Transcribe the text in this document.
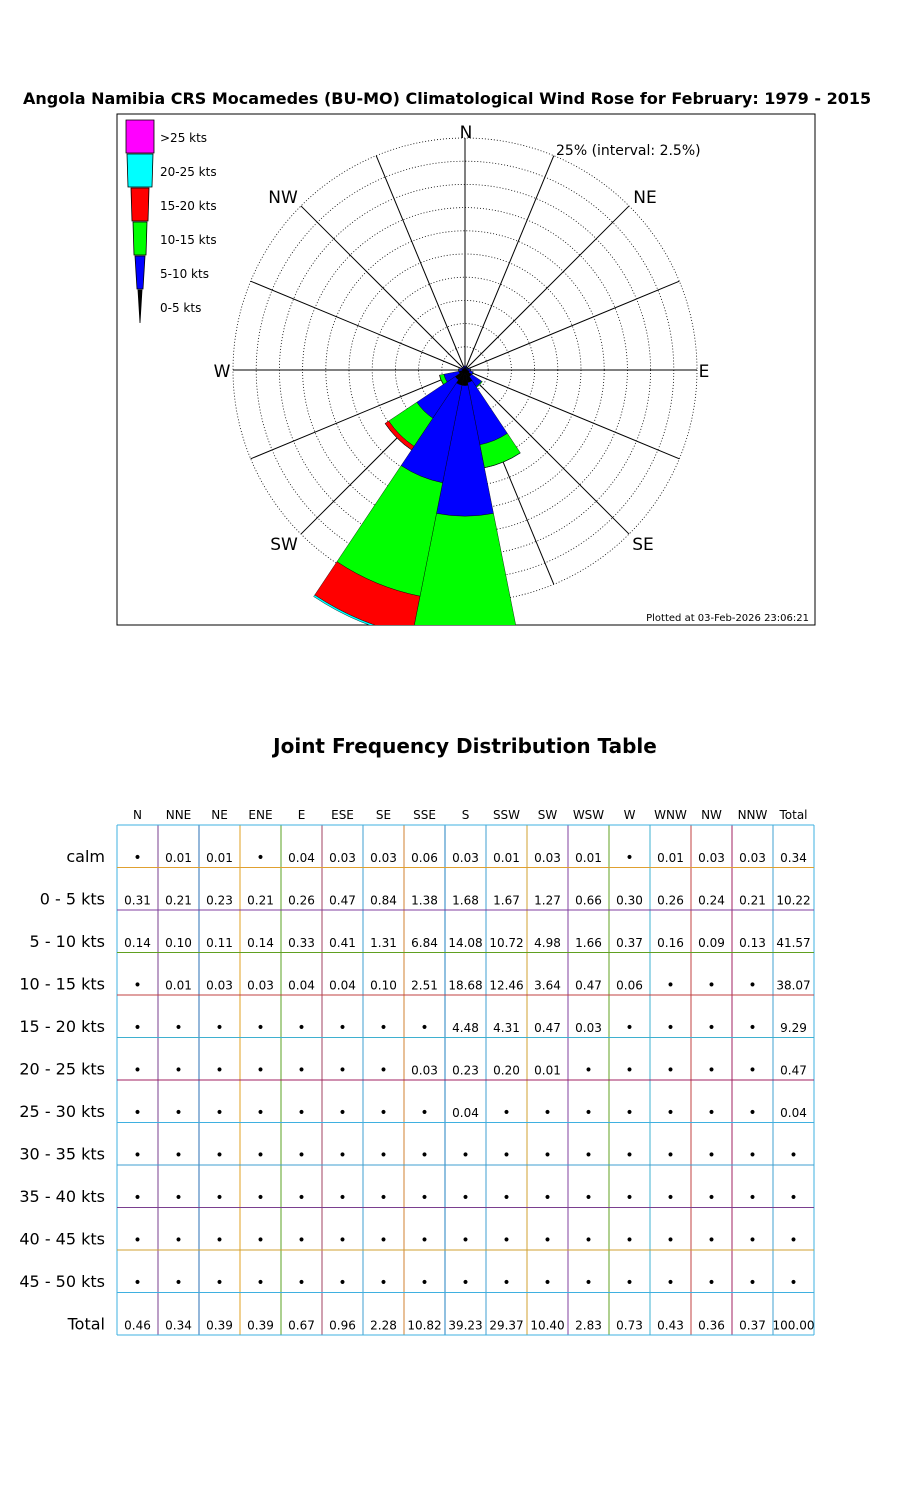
Angola Namibia CRS Mocamedes (BU-MO) Climatological Wind Rose for February: 1979 - 2015
N
NE
E
SE
SW
W
NW
25% (interval: 2.5%)
Plotted at 03-Feb-2026 23:06:21
>25 kts
20-25 kts
15-20 kts
10-15 kts
5-10 kts
0-5 kts
Joint Frequency Distribution Table
N NNE NE ENE E ESE SE SSE S SSW SW WSW W WNW NW NNW Total
calm • 0.01 0.01 • 0.04 0.03 0.03 0.06 0.03 0.01 0.03 0.01 • 0.01 0.03 0.03 0.34
0 - 5 kts 0.31 0.21 0.23 0.21 0.26 0.47 0.84 1.38 1.68 1.67 1.27 0.66 0.30 0.26 0.24 0.21 10.22
5 - 10 kts 0.14 0.10 0.11 0.14 0.33 0.41 1.31 6.84 14.08 10.72 4.98 1.66 0.37 0.16 0.09 0.13 41.57
10 - 15 kts • 0.01 0.03 0.03 0.04 0.04 0.10 2.51 18.68 12.46 3.64 0.47 0.06 • • • 38.07
15 - 20 kts • • • • • • • • 4.48 4.31 0.47 0.03 • • • • 9.29
20 - 25 kts • • • • • • • 0.03 0.23 0.20 0.01 • • • • • 0.47
25 - 30 kts • • • • • • • • 0.04 • • • • • • • 0.04
30 - 35 kts • • • • • • • • • • • • • • • • •
35 - 40 kts • • • • • • • • • • • • • • • • •
40 - 45 kts • • • • • • • • • • • • • • • • •
45 - 50 kts • • • • • • • • • • • • • • • • •
Total 0.46 0.34 0.39 0.39 0.67 0.96 2.28 10.82 39.23 29.37 10.40 2.83 0.73 0.43 0.36 0.37 100.00
